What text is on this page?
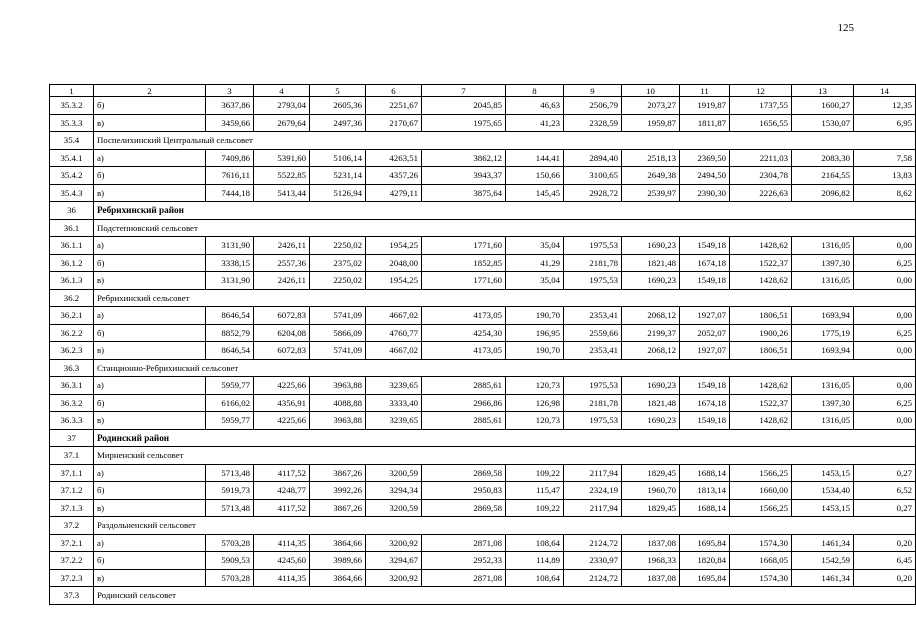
125
1	2	3	4	5	6	7	8	9	10	11	12	13	14
35.3.2	б)	3637,86	2793,04	2605,36	2251,67	2045,85	46,63	2506,79	2073,27	1919,87	1737,55	1600,27	12,35
35.3.3	в)	3459,66	2679,64	2497,36	2170,67	1975,65	41,23	2328,59	1959,87	1811,87	1656,55	1530,07	6,95
35.4	Поспелихинский Центральный сельсовет												
35.4.1	а)	7409,86	5391,60	5106,14	4263,51	3862,12	144,41	2894,40	2518,13	2369,50	2211,03	2083,30	7,58
35.4.2	б)	7616,11	5522,85	5231,14	4357,26	3943,37	150,66	3100,65	2649,38	2494,50	2304,78	2164,55	13,83
35.4.3	в)	7444,18	5413,44	5126,94	4279,11	3875,64	145,45	2928,72	2539,97	2390,30	2226,63	2096,82	8,62
36	Ребрихинский район												
36.1	Подстепновский сельсовет												
36.1.1	а)	3131,90	2426,11	2250,02	1954,25	1771,60	35,04	1975,53	1690,23	1549,18	1428,62	1316,05	0,00
36.1.2	б)	3338,15	2557,36	2375,02	2048,00	1852,85	41,29	2181,78	1821,48	1674,18	1522,37	1397,30	6,25
36.1.3	в)	3131,90	2426,11	2250,02	1954,25	1771,60	35,04	1975,53	1690,23	1549,18	1428,62	1316,05	0,00
36.2	Ребрихинский сельсовет												
36.2.1	а)	8646,54	6072,83	5741,09	4667,02	4173,05	190,70	2353,41	2068,12	1927,07	1806,51	1693,94	0,00
36.2.2	б)	8852,79	6204,08	5866,09	4760,77	4254,30	196,95	2559,66	2199,37	2052,07	1900,26	1775,19	6,25
36.2.3	в)	8646,54	6072,83	5741,09	4667,02	4173,05	190,70	2353,41	2068,12	1927,07	1806,51	1693,94	0,00
36.3	Станционно-Ребрихинский сельсовет												
36.3.1	а)	5959,77	4225,66	3963,88	3239,65	2885,61	120,73	1975,53	1690,23	1549,18	1428,62	1316,05	0,00
36.3.2	б)	6166,02	4356,91	4088,88	3333,40	2966,86	126,98	2181,78	1821,48	1674,18	1522,37	1397,30	6,25
36.3.3	в)	5959,77	4225,66	3963,88	3239,65	2885,61	120,73	1975,53	1690,23	1549,18	1428,62	1316,05	0,00
37	Родинский район												
37.1	Мирненский сельсовет												
37.1.1	а)	5713,48	4117,52	3867,26	3200,59	2869,58	109,22	2117,94	1829,45	1688,14	1566,25	1453,15	0,27
37.1.2	б)	5919,73	4248,77	3992,26	3294,34	2950,83	115,47	2324,19	1960,70	1813,14	1660,00	1534,40	6,52
37.1.3	в)	5713,48	4117,52	3867,26	3200,59	2869,58	109,22	2117,94	1829,45	1688,14	1566,25	1453,15	0,27
37.2	Раздольненский сельсовет												
37.2.1	а)	5703,28	4114,35	3864,66	3200,92	2871,08	108,64	2124,72	1837,08	1695,84	1574,30	1461,34	0,20
37.2.2	б)	5909,53	4245,60	3989,66	3294,67	2952,33	114,89	2330,97	1968,33	1820,84	1668,05	1542,59	6,45
37.2.3	в)	5703,28	4114,35	3864,66	3200,92	2871,08	108,64	2124,72	1837,08	1695,84	1574,30	1461,34	0,20
37.3	Родинский сельсовет												
